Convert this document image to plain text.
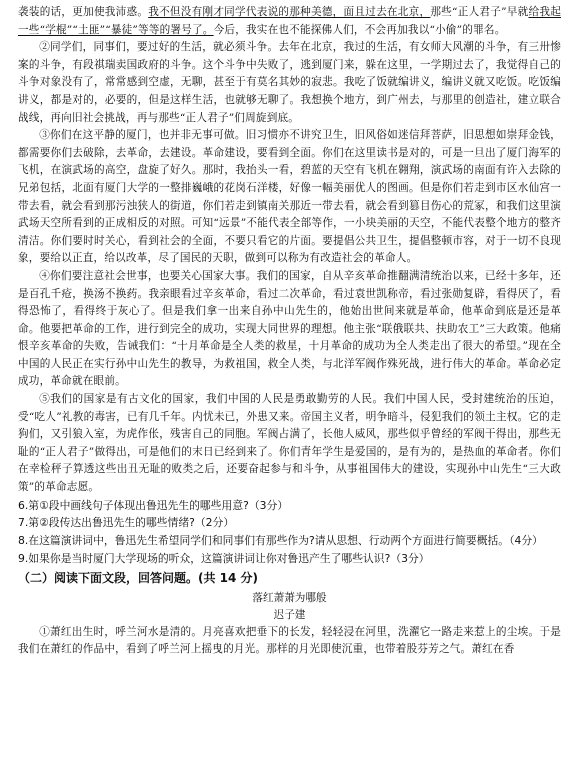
袭装的话，更加使我沛惑。我不但没有刚才同学代表说的那种美德，面且过去在北京，那些“正人君子”早就给我起一些“学棍”“土匪”“暴徒”等等的署号了。今后，我实在也不能探佛人们，不会再加我以“小偷”的罪名。

②同学们，同事们，要过好的生活，就必须斗争。去年在北京，我过的生活，有女师大风潮的斗争，有三卅惨案的斗争，有段祺瑞卖国政府的斗争。这个斗争中失败了，逃到厦门来，躲在这里，一学期过去了，我觉得自己的斗争对象没有了，常常感到空虚，无聊，甚至于有莫名其妙的寂悲。我吃了饭就编讲义，编讲义就又吃饭。吃饭编讲义，都是对的，必要的，但是这样生活，也就够无聊了。我想换个地方，到广州去，与那里的创造社，建立联合战线，再向旧社会挑战，再与那些“正人君子”们周旋到底。

③你们在这平静的厦门，也并非无事可做。旧习惯亦不讲究卫生，旧风俗如迷信拜菩萨，旧思想如崇拜金钱，都需要你们去破除，去革命，去建设。革命建设，要看到全面。你们在这里读书是对的，可是一旦出了厦门海军的飞机，在演武场的高空，盘旋了好久。那时，我抬头一看，碧蓝的天空有飞机在翱翔，演武场的南面有许入去除的兄弟包括，北面有厦门大学的一整排巍峨的花岗石洋楼，好像一幅美丽优人的图画。但是你们若走到市区水仙宫一带去看，就会看到那污浊狭人的街道，你们若走到镇南关那近一带去看，就会看到篡目伤心的荒冢，和我们这里演武场天空所看到的正成相反的对照。可知“远景”不能代表全部等作，一小块美丽的天空，不能代表整个地方的整齐清洁。你们要时时关心，看到社会的全面，不要只看它的片面。要提倡公共卫生，提倡整顿市容，对于一切不良现象，要给以正直，给以改革，尽了国民的天职，做到可以称为有改造社会的革命人。

④你们要注意社会世事，也要关心国家大事。我们的国家，自从辛亥革命推翻满清统治以来，已经十多年，还是百孔千疮，换汤不换药。我亲眼看过辛亥革命，看过二次革命，看过袁世凯称帝，看过张勋复辟，看得厌了，看得恐怖了，看得终于灰心了。但是我们拿一出来自孙中山先生的，他始出世间来就是革命，他革命到底是还是革命。他要把革命的工作，进行到完全的成功，实现大同世界的理想。他主张“联俄联共、扶助农工”三大政策。他痛恨辛亥革命的失败，告诫我们：“十月革命是全人类的救星，十月革命的成功为全人类走出了很大的希望。”现在全中国的人民正在实行孙中山先生的教导，为救祖国，救全人类，与北洋军阀作殊死战，进行伟大的革命。革命必定成功，革命就在眼前。

⑤我们的国家是有古文化的国家，我们中国的人民是勇敢勤劳的人民。我们中国人民，受封建统治的压迫，受“吃人”礼教的毒害，已有几千年。内忧未已，外患又来。帝国主义者，明争暗斗，侵犯我们的领土主权。它的走狗们，又引狼入室，为虎作伥，残害自己的同胞。军阀占满了，长他人威风，那些似乎曾经的军阀干得出，那些无耻的“正人君子”做得出，可是他们的末日已经到来了。你们青年学生是爱国的，是有为的，是热血的革命者。你们在幸检秤子算透这些出丑无耻的败类之后，还要奋起参与和斗争，从事祖国伟大的建设，实现孙中山先生“三大政策”的革命志愿。

6.第①段中画线句子体现出鲁迅先生的哪些用意?（3分）

7.第②段传达出鲁迅先生的哪些情绪?（2分）

8.在这篇演讲词中，鲁迅先生希望同学们和同事们有那些作为?请从思想、行动两个方面进行简要概括。（4分）

9.如果你是当时厦门大学现场的听众，这篇演讲词让你对鲁迅产生了哪些认识?（3分）

（二）阅读下面文段，回答问题。(共 14 分)

落红萧萧为哪般

迟子建

①萧红出生时，呼兰河水是清的。月亮喜欢把垂下的长发，轻轻浸在河里，洗濯它一路走来惹上的尘埃。于是我们在萧红的作品中，看到了呼兰河上摇曳的月光。那样的月光即使沉重，也带着股芬芳之气。萧红在香
